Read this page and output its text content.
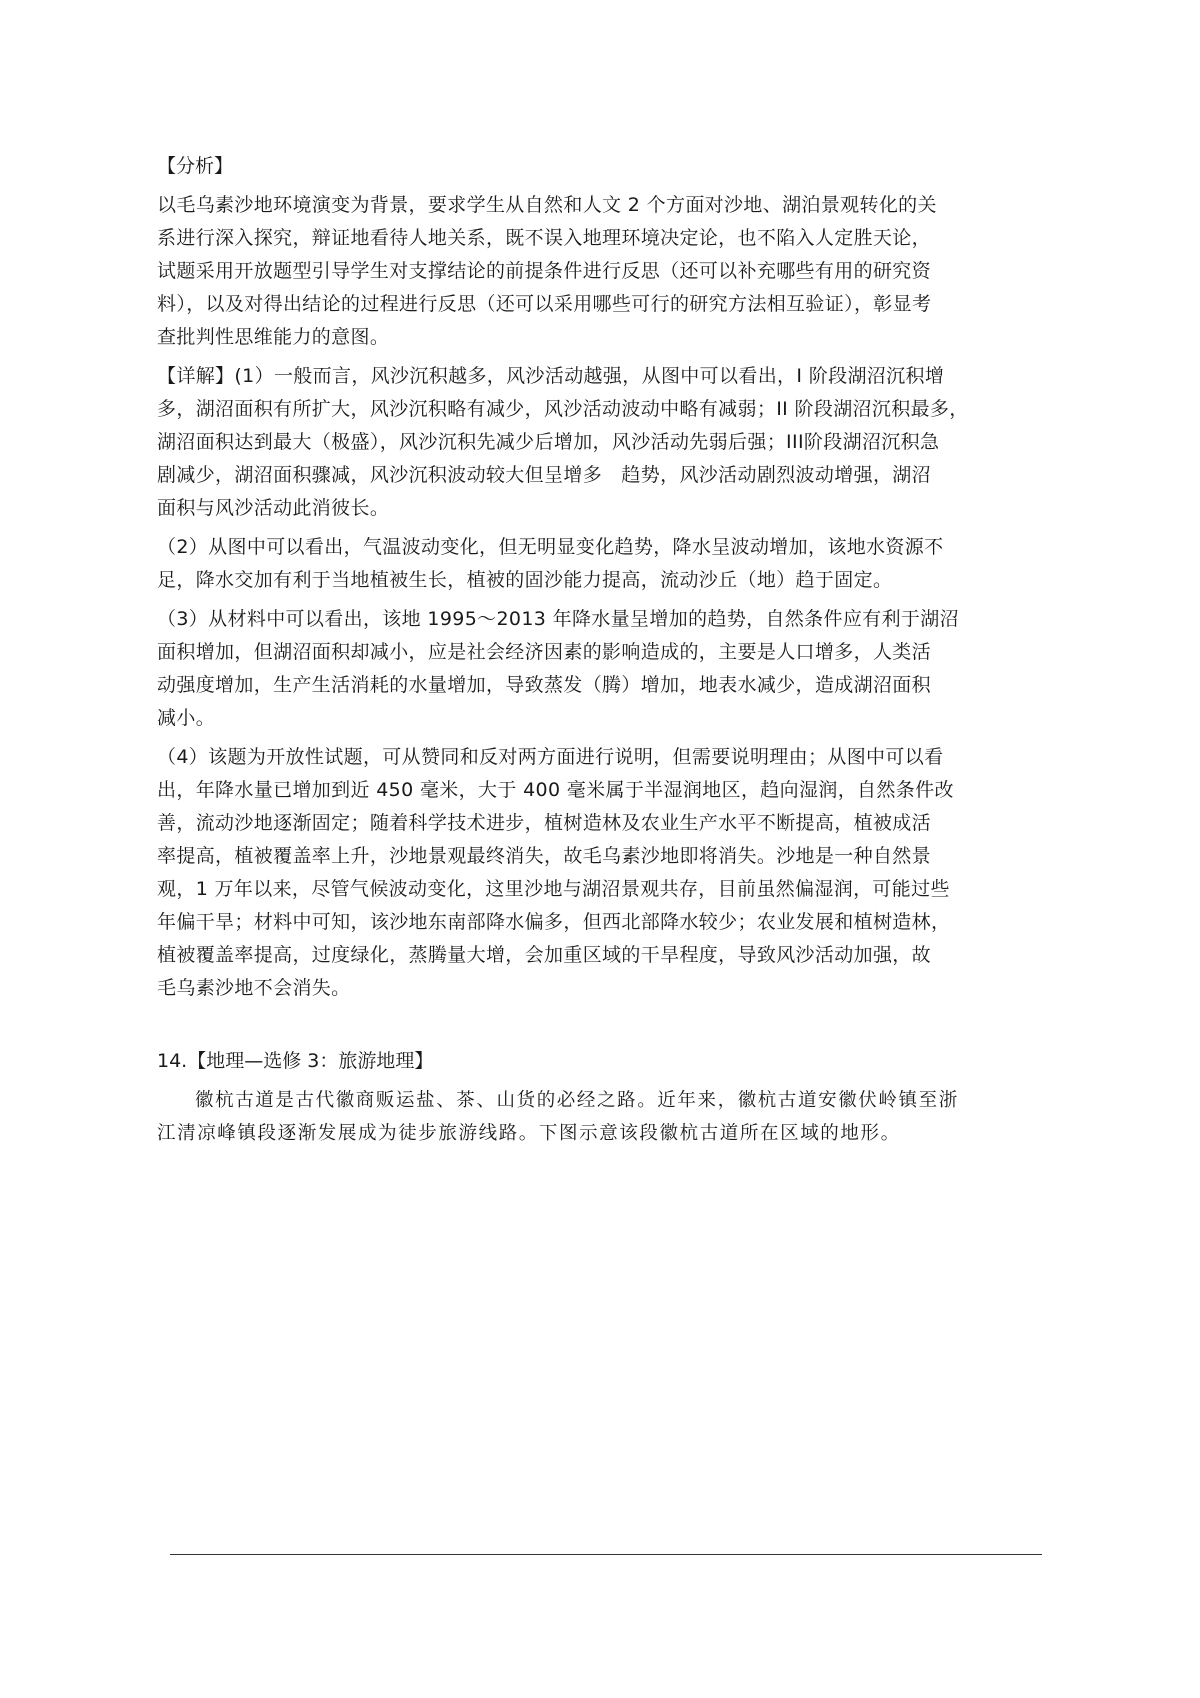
【分析】
以毛乌素沙地环境演变为背景，要求学生从自然和人文 2 个方面对沙地、湖泊景观转化的关
系进行深入探究，辩证地看待人地关系，既不误入地理环境决定论，也不陷入人定胜天论，
试题采用开放题型引导学生对支撑结论的前提条件进行反思（还可以补充哪些有用的研究资
料），以及对得出结论的过程进行反思（还可以采用哪些可行的研究方法相互验证），彰显考
查批判性思维能力的意图。
【详解】(1）一般而言，风沙沉积越多，风沙活动越强，从图中可以看出，I 阶段湖沼沉积增
多，湖沼面积有所扩大，风沙沉积略有减少，风沙活动波动中略有减弱；II 阶段湖沼沉积最多，
湖沼面积达到最大（极盛），风沙沉积先减少后增加，风沙活动先弱后强；III阶段湖沼沉积急
剧减少，湖沼面积骤减，风沙沉积波动较大但呈增多　趋势，风沙活动剧烈波动增强，湖沼
面积与风沙活动此消彼长。
（2）从图中可以看出，气温波动变化，但无明显变化趋势，降水呈波动增加，该地水资源不
足，降水交加有利于当地植被生长，植被的固沙能力提高，流动沙丘（地）趋于固定。
（3）从材料中可以看出，该地 1995～2013 年降水量呈增加的趋势，自然条件应有利于湖沼
面积增加，但湖沼面积却减小，应是社会经济因素的影响造成的，主要是人口增多，人类活
动强度增加，生产生活消耗的水量增加，导致蒸发（腾）增加，地表水减少，造成湖沼面积
减小。
（4）该题为开放性试题，可从赞同和反对两方面进行说明，但需要说明理由；从图中可以看
出，年降水量已增加到近 450 毫米，大于 400 毫米属于半湿润地区，趋向湿润，自然条件改
善，流动沙地逐渐固定；随着科学技术进步，植树造林及农业生产水平不断提高，植被成活
率提高，植被覆盖率上升，沙地景观最终消失，故毛乌素沙地即将消失。沙地是一种自然景
观，1 万年以来，尽管气候波动变化，这里沙地与湖沼景观共存，目前虽然偏湿润，可能过些
年偏干旱；材料中可知，该沙地东南部降水偏多，但西北部降水较少；农业发展和植树造林，
植被覆盖率提高，过度绿化，蒸腾量大增，会加重区域的干旱程度，导致风沙活动加强，故
毛乌素沙地不会消失。
14.【地理—选修 3：旅游地理】
徽杭古道是古代徽商贩运盐、茶、山货的必经之路。近年来，徽杭古道安徽伏岭镇至浙
江清凉峰镇段逐渐发展成为徒步旅游线路。下图示意该段徽杭古道所在区域的地形。
